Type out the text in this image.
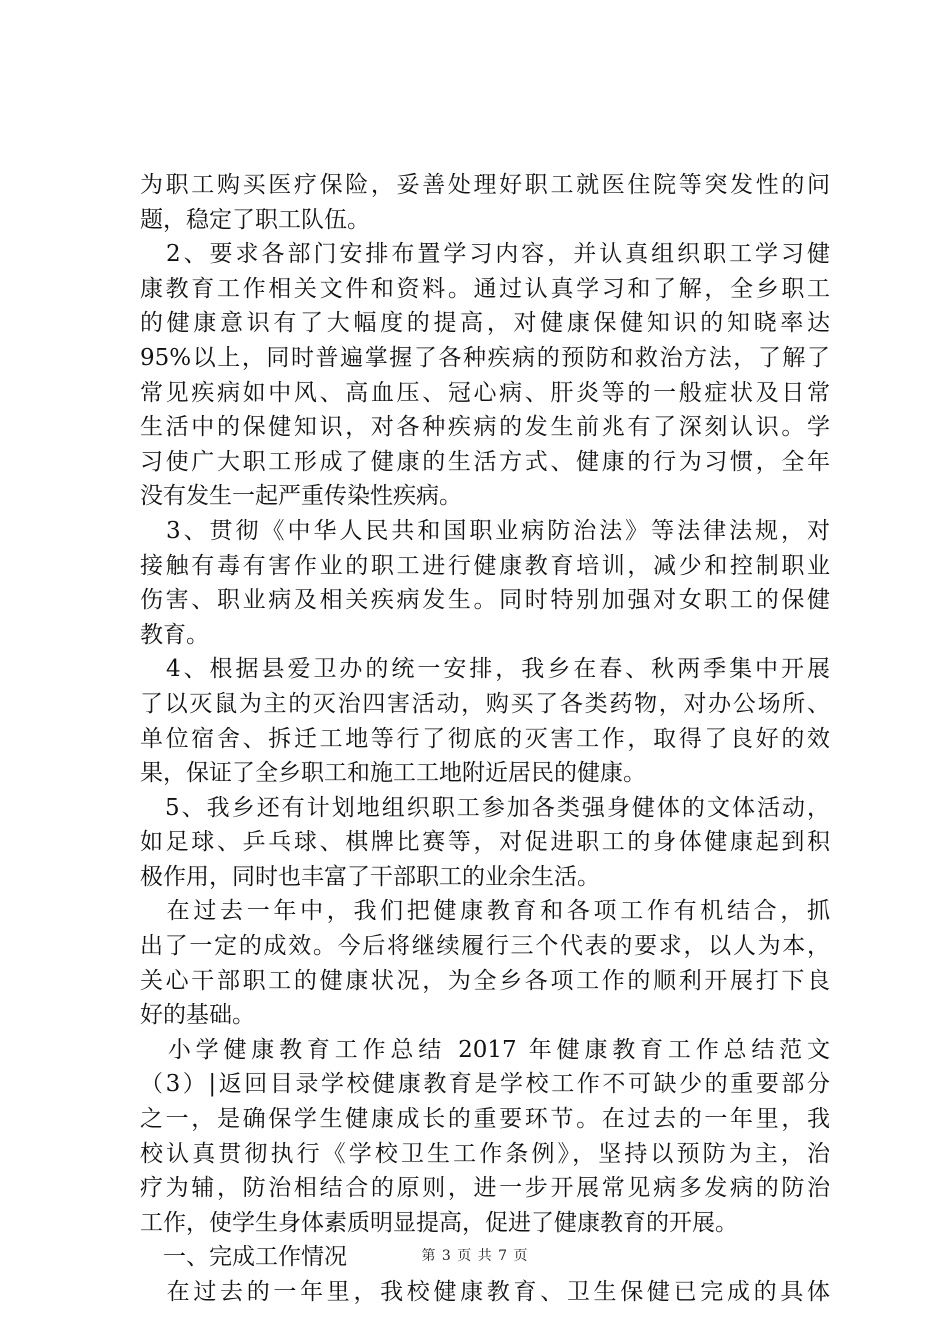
为职工购买医疗保险，妥善处理好职工就医住院等突发性的问
题，稳定了职工队伍。
　2、要求各部门安排布置学习内容，并认真组织职工学习健
康教育工作相关文件和资料。通过认真学习和了解，全乡职工
的健康意识有了大幅度的提高，对健康保健知识的知晓率达
95%以上，同时普遍掌握了各种疾病的预防和救治方法，了解了
常见疾病如中风、高血压、冠心病、肝炎等的一般症状及日常
生活中的保健知识，对各种疾病的发生前兆有了深刻认识。学
习使广大职工形成了健康的生活方式、健康的行为习惯，全年
没有发生一起严重传染性疾病。
　3、贯彻《中华人民共和国职业病防治法》等法律法规，对
接触有毒有害作业的职工进行健康教育培训，减少和控制职业
伤害、职业病及相关疾病发生。同时特别加强对女职工的保健
教育。
　4、根据县爱卫办的统一安排，我乡在春、秋两季集中开展
了以灭鼠为主的灭治四害活动，购买了各类药物，对办公场所、
单位宿舍、拆迁工地等行了彻底的灭害工作，取得了良好的效
果，保证了全乡职工和施工工地附近居民的健康。
　5、我乡还有计划地组织职工参加各类强身健体的文体活动，
如足球、乒乓球、棋牌比赛等，对促进职工的身体健康起到积
极作用，同时也丰富了干部职工的业余生活。
　在过去一年中，我们把健康教育和各项工作有机结合，抓
出了一定的成效。今后将继续履行三个代表的要求，以人为本，
关心干部职工的健康状况，为全乡各项工作的顺利开展打下良
好的基础。
　小学健康教育工作总结 2017 年健康教育工作总结范文
（3）|返回目录学校健康教育是学校工作不可缺少的重要部分
之一，是确保学生健康成长的重要环节。在过去的一年里，我
校认真贯彻执行《学校卫生工作条例》，坚持以预防为主，治
疗为辅，防治相结合的原则，进一步开展常见病多发病的防治
工作，使学生身体素质明显提高，促进了健康教育的开展。
　一、完成工作情况
　在过去的一年里，我校健康教育、卫生保健已完成的具体
第 3 页 共 7 页
